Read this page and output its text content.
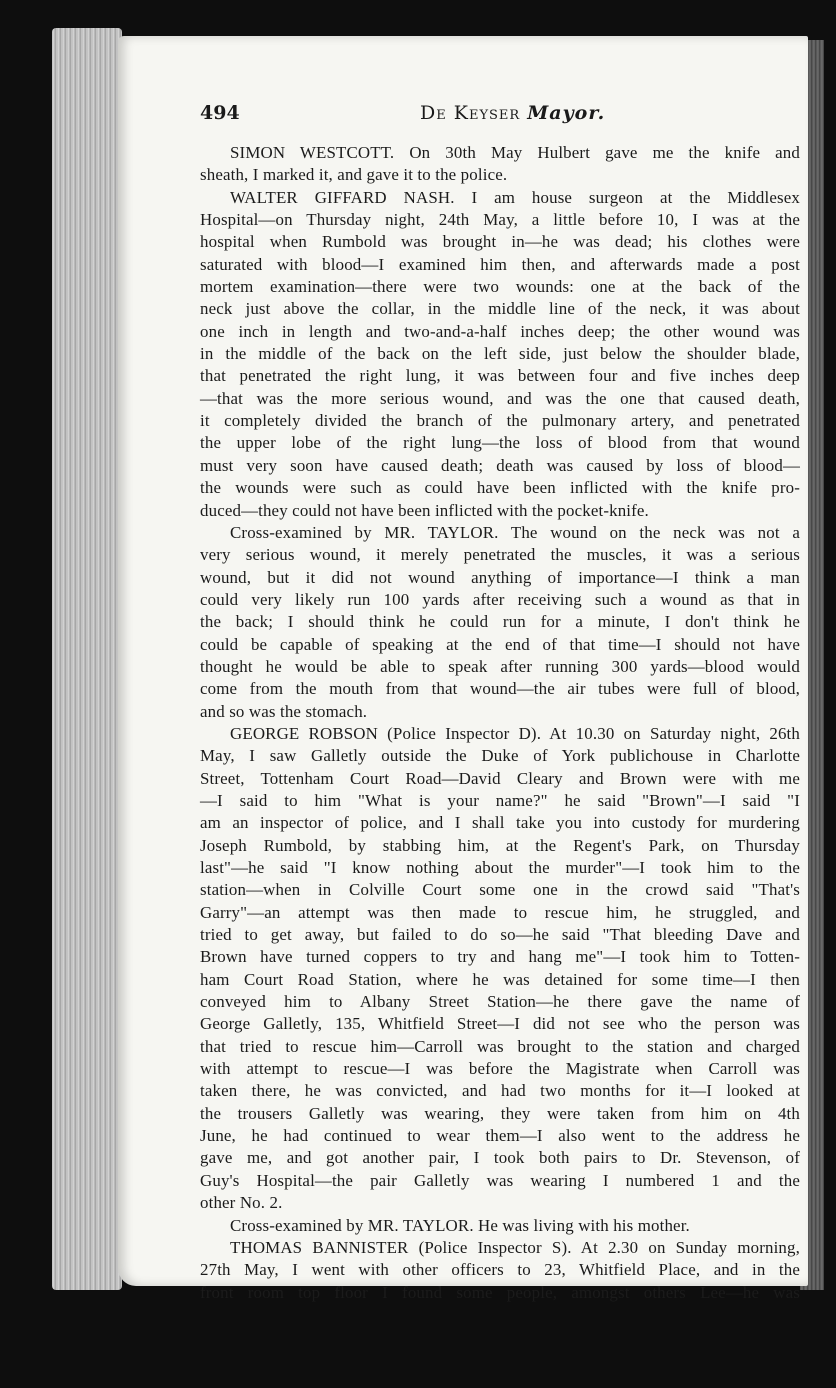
494	De Keyser Mayor.
SIMON WESTCOTT. On 30th May Hulbert gave me the knife and
sheath, I marked it, and gave it to the police.
WALTER GIFFARD NASH. I am house surgeon at the Middlesex
Hospital—on Thursday night, 24th May, a little before 10, I was at the
hospital when Rumbold was brought in—he was dead; his clothes were
saturated with blood—I examined him then, and afterwards made a post
mortem examination—there were two wounds: one at the back of the
neck just above the collar, in the middle line of the neck, it was about
one inch in length and two-and-a-half inches deep; the other wound was
in the middle of the back on the left side, just below the shoulder blade,
that penetrated the right lung, it was between four and five inches deep
—that was the more serious wound, and was the one that caused death,
it completely divided the branch of the pulmonary artery, and penetrated
the upper lobe of the right lung—the loss of blood from that wound
must very soon have caused death; death was caused by loss of blood—
the wounds were such as could have been inflicted with the knife pro-
duced—they could not have been inflicted with the pocket-knife.
Cross-examined by MR. TAYLOR. The wound on the neck was not a
very serious wound, it merely penetrated the muscles, it was a serious
wound, but it did not wound anything of importance—I think a man
could very likely run 100 yards after receiving such a wound as that in
the back; I should think he could run for a minute, I don't think he
could be capable of speaking at the end of that time—I should not have
thought he would be able to speak after running 300 yards—blood would
come from the mouth from that wound—the air tubes were full of blood,
and so was the stomach.
GEORGE ROBSON (Police Inspector D). At 10.30 on Saturday night, 26th
May, I saw Galletly outside the Duke of York publichouse in Charlotte
Street, Tottenham Court Road—David Cleary and Brown were with me
—I said to him "What is your name?" he said "Brown"—I said "I
am an inspector of police, and I shall take you into custody for murdering
Joseph Rumbold, by stabbing him, at the Regent's Park, on Thursday
last"—he said "I know nothing about the murder"—I took him to the
station—when in Colville Court some one in the crowd said "That's
Garry"—an attempt was then made to rescue him, he struggled, and
tried to get away, but failed to do so—he said "That bleeding Dave and
Brown have turned coppers to try and hang me"—I took him to Totten-
ham Court Road Station, where he was detained for some time—I then
conveyed him to Albany Street Station—he there gave the name of
George Galletly, 135, Whitfield Street—I did not see who the person was
that tried to rescue him—Carroll was brought to the station and charged
with attempt to rescue—I was before the Magistrate when Carroll was
taken there, he was convicted, and had two months for it—I looked at
the trousers Galletly was wearing, they were taken from him on 4th
June, he had continued to wear them—I also went to the address he
gave me, and got another pair, I took both pairs to Dr. Stevenson, of
Guy's Hospital—the pair Galletly was wearing I numbered 1 and the
other No. 2.
Cross-examined by MR. TAYLOR. He was living with his mother.
THOMAS BANNISTER (Police Inspector S). At 2.30 on Sunday morning,
27th May, I went with other officers to 23, Whitfield Place, and in the
front room top floor I found some people, amongst others Lee—he was
